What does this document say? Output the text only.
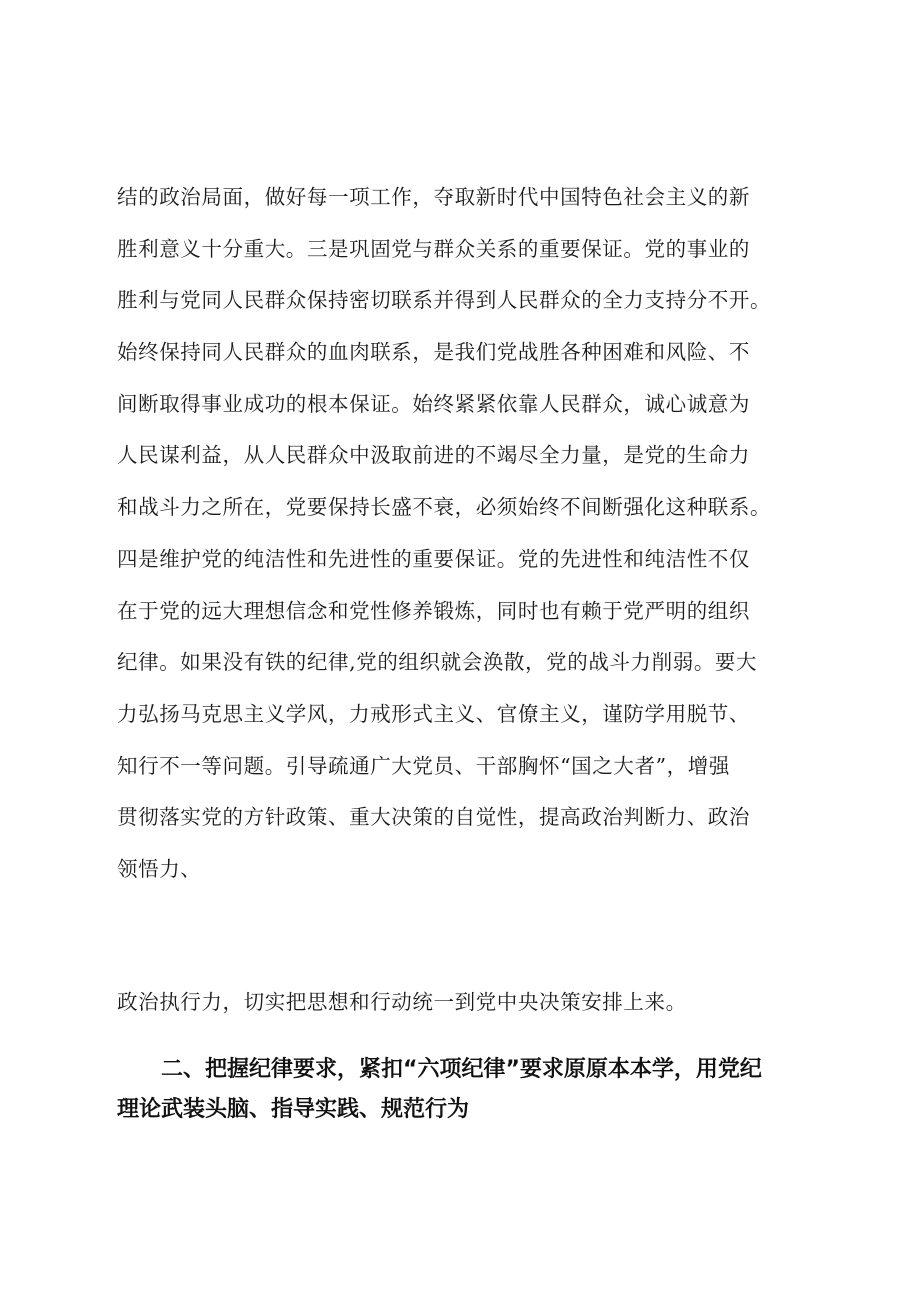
结的政治局面，做好每一项工作，夺取新时代中国特色社会主义的新
胜利意义十分重大。三是巩固党与群众关系的重要保证。党的事业的
胜利与党同人民群众保持密切联系并得到人民群众的全力支持分不开。
始终保持同人民群众的血肉联系，是我们党战胜各种困难和风险、不
间断取得事业成功的根本保证。始终紧紧依靠人民群众，诚心诚意为
人民谋利益，从人民群众中汲取前进的不竭尽全力量，是党的生命力
和战斗力之所在，党要保持长盛不衰，必须始终不间断强化这种联系。
四是维护党的纯洁性和先进性的重要保证。党的先进性和纯洁性不仅
在于党的远大理想信念和党性修养锻炼，同时也有赖于党严明的组织
纪律。如果没有铁的纪律,党的组织就会涣散，党的战斗力削弱。要大
力弘扬马克思主义学风，力戒形式主义、官僚主义，谨防学用脱节、
知行不一等问题。引导疏通广大党员、干部胸怀“国之大者”，增强
贯彻落实党的方针政策、重大决策的自觉性，提高政治判断力、政治
领悟力、

政治执行力，切实把思想和行动统一到党中央决策安排上来。

二、把握纪律要求，紧扣“六项纪律”要求原原本本学，用党纪
理论武装头脑、指导实践、规范行为
